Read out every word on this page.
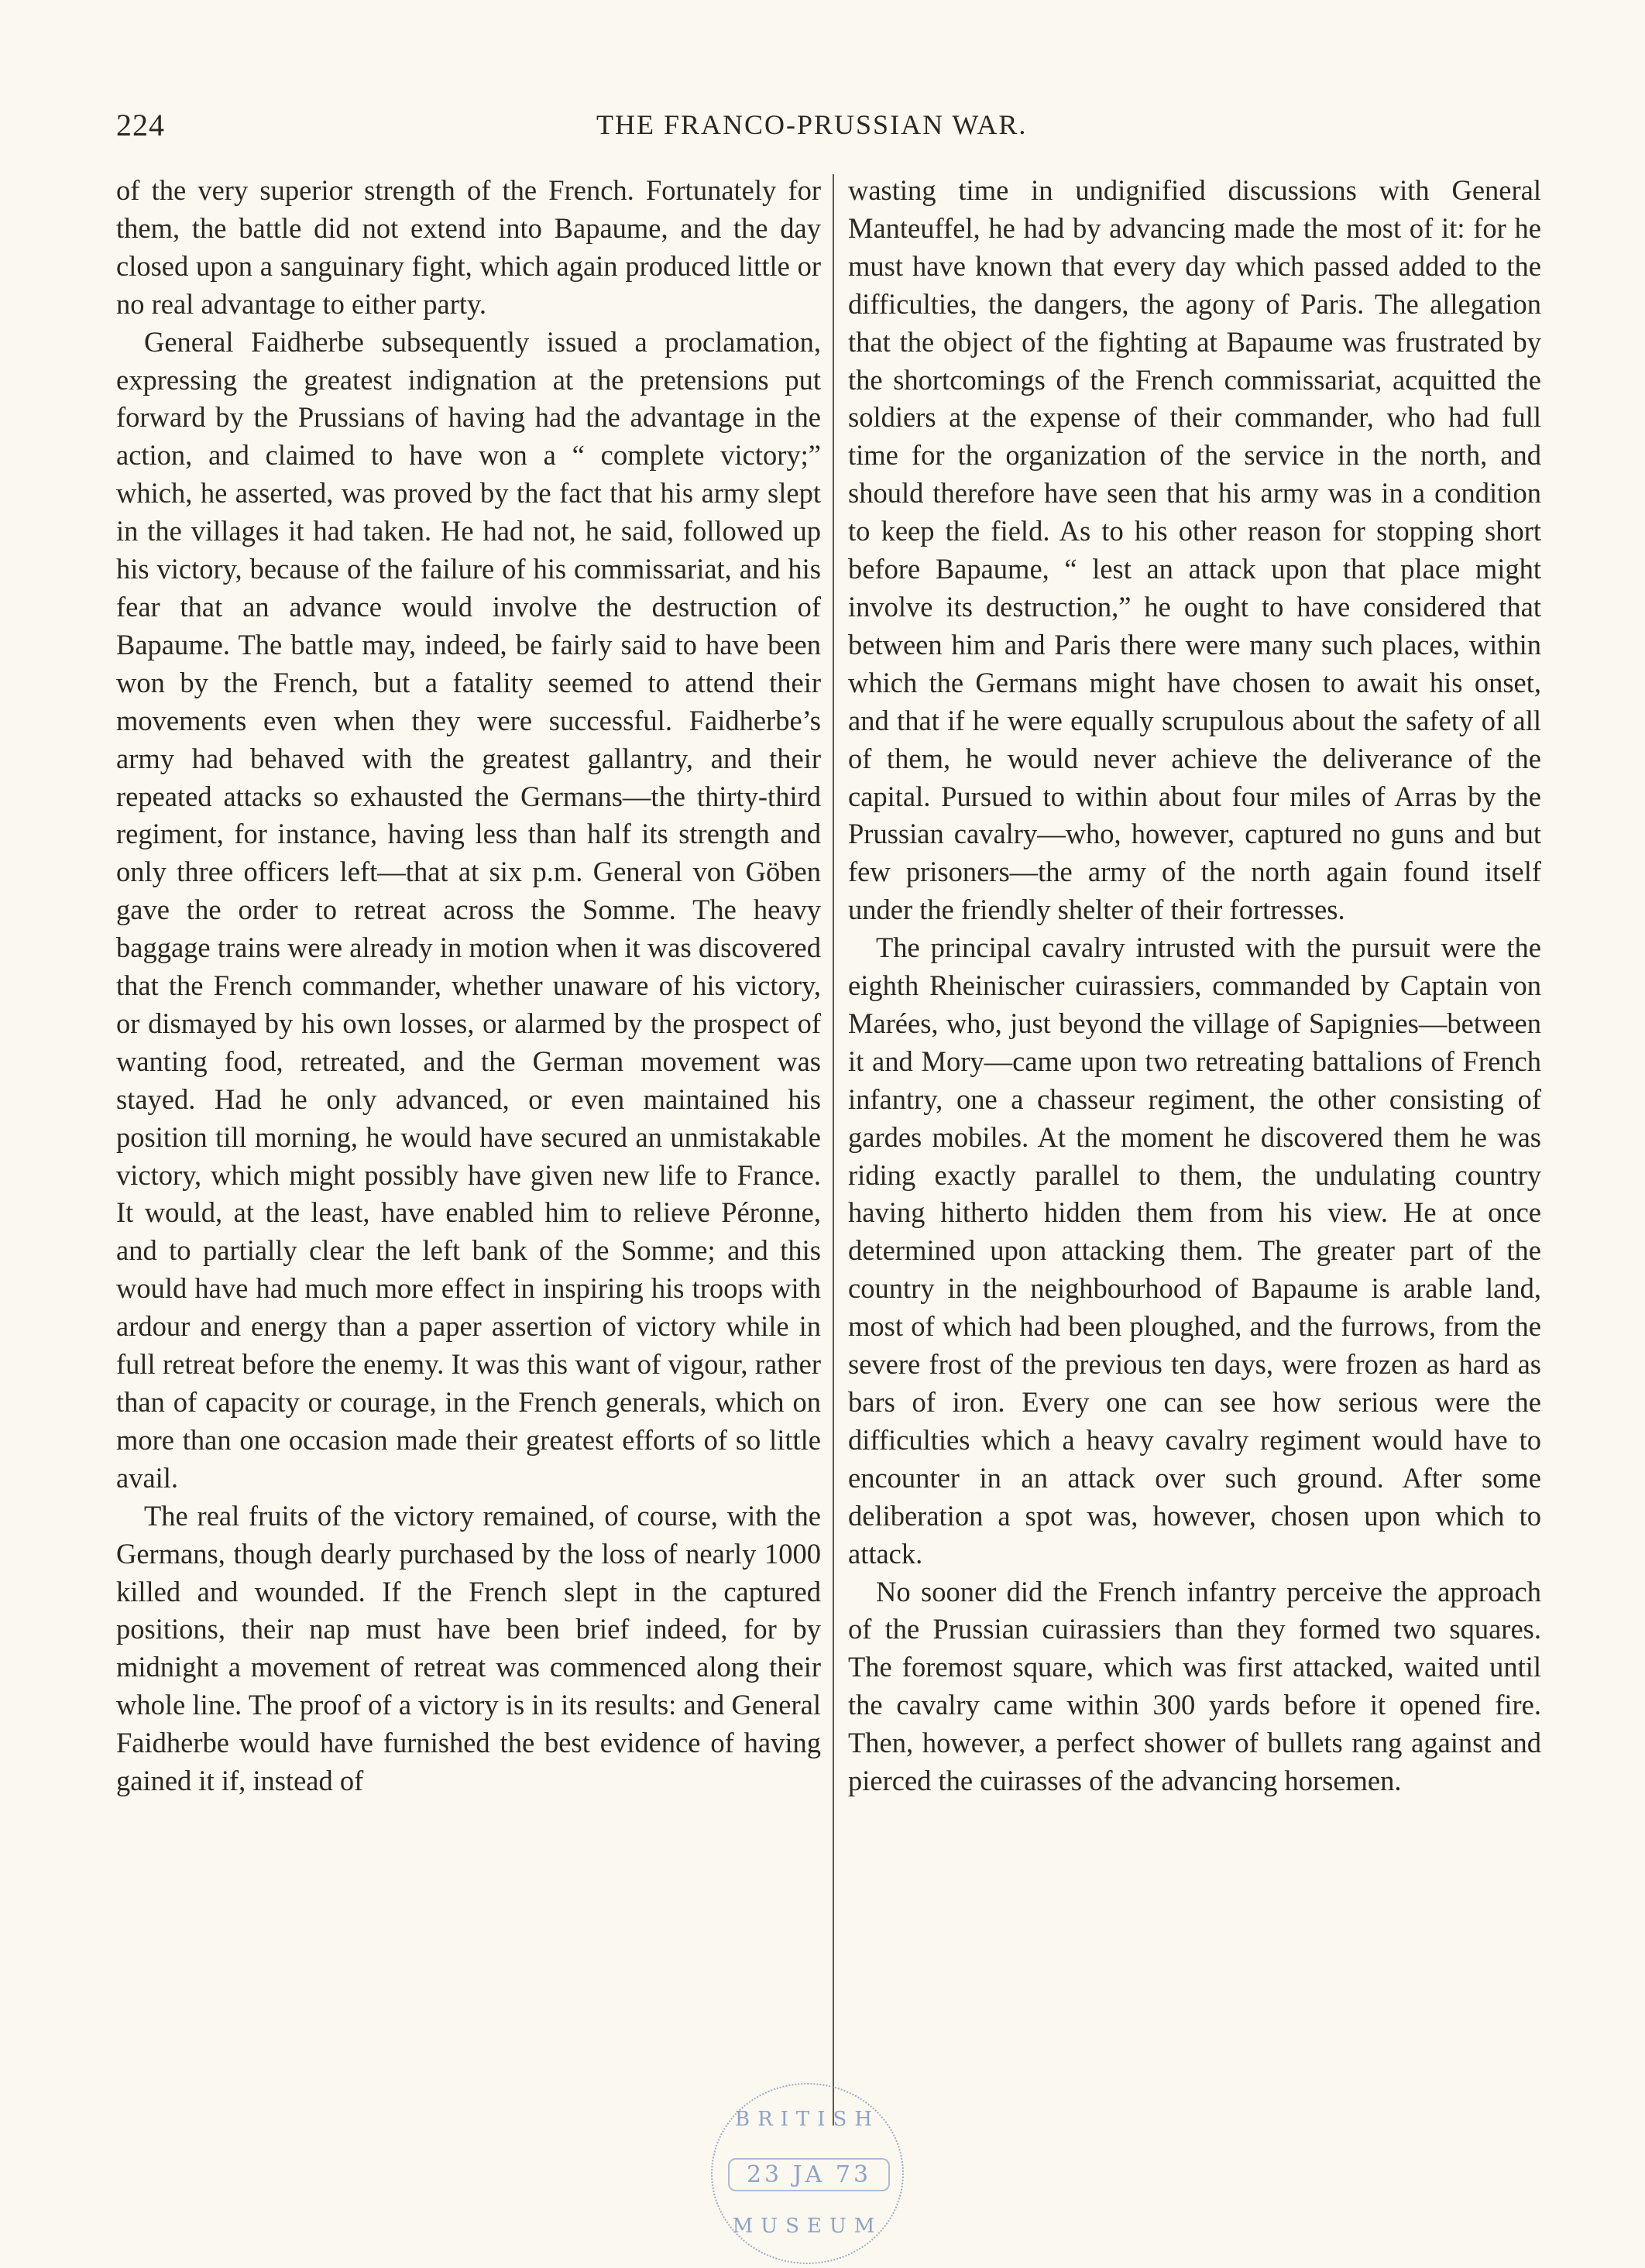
224	THE FRANCO-PRUSSIAN WAR.

of the very superior strength of the French. Fortunately for them, the battle did not extend into Bapaume, and the day closed upon a sanguinary fight, which again produced little or no real advantage to either party.

General Faidherbe subsequently issued a proclamation, expressing the greatest indignation at the pretensions put forward by the Prussians of having had the advantage in the action, and claimed to have won a “ complete victory;” which, he asserted, was proved by the fact that his army slept in the villages it had taken. He had not, he said, followed up his victory, because of the failure of his commissariat, and his fear that an advance would involve the destruction of Bapaume. The battle may, indeed, be fairly said to have been won by the French, but a fatality seemed to attend their movements even when they were successful. Faidherbe’s army had behaved with the greatest gallantry, and their repeated attacks so exhausted the Germans—the thirty-third regiment, for instance, having less than half its strength and only three officers left—that at six p.m. General von Göben gave the order to retreat across the Somme. The heavy baggage trains were already in motion when it was discovered that the French commander, whether unaware of his victory, or dismayed by his own losses, or alarmed by the prospect of wanting food, retreated, and the German movement was stayed. Had he only advanced, or even maintained his position till morning, he would have secured an unmistakable victory, which might possibly have given new life to France. It would, at the least, have enabled him to relieve Péronne, and to partially clear the left bank of the Somme; and this would have had much more effect in inspiring his troops with ardour and energy than a paper assertion of victory while in full retreat before the enemy. It was this want of vigour, rather than of capacity or courage, in the French generals, which on more than one occasion made their greatest efforts of so little avail.

The real fruits of the victory remained, of course, with the Germans, though dearly purchased by the loss of nearly 1000 killed and wounded. If the French slept in the captured positions, their nap must have been brief indeed, for by midnight a movement of retreat was commenced along their whole line. The proof of a victory is in its results: and General Faidherbe would have furnished the best evidence of having gained it if, instead of

wasting time in undignified discussions with General Manteuffel, he had by advancing made the most of it: for he must have known that every day which passed added to the difficulties, the dangers, the agony of Paris. The allegation that the object of the fighting at Bapaume was frustrated by the shortcomings of the French commissariat, acquitted the soldiers at the expense of their commander, who had full time for the organization of the service in the north, and should therefore have seen that his army was in a condition to keep the field. As to his other reason for stopping short before Bapaume, “ lest an attack upon that place might involve its destruction,” he ought to have considered that between him and Paris there were many such places, within which the Germans might have chosen to await his onset, and that if he were equally scrupulous about the safety of all of them, he would never achieve the deliverance of the capital. Pursued to within about four miles of Arras by the Prussian cavalry—who, however, captured no guns and but few prisoners—the army of the north again found itself under the friendly shelter of their fortresses.

The principal cavalry intrusted with the pursuit were the eighth Rheinischer cuirassiers, commanded by Captain von Marées, who, just beyond the village of Sapignies—between it and Mory—came upon two retreating battalions of French infantry, one a chasseur regiment, the other consisting of gardes mobiles. At the moment he discovered them he was riding exactly parallel to them, the undulating country having hitherto hidden them from his view. He at once determined upon attacking them. The greater part of the country in the neighbourhood of Bapaume is arable land, most of which had been ploughed, and the furrows, from the severe frost of the previous ten days, were frozen as hard as bars of iron. Every one can see how serious were the difficulties which a heavy cavalry regiment would have to encounter in an attack over such ground. After some deliberation a spot was, however, chosen upon which to attack.

No sooner did the French infantry perceive the approach of the Prussian cuirassiers than they formed two squares. The foremost square, which was first attacked, waited until the cavalry came within 300 yards before it opened fire. Then, however, a perfect shower of bullets rang against and pierced the cuirasses of the advancing horsemen.

BRITISH
23 JA 73
MUSEUM
